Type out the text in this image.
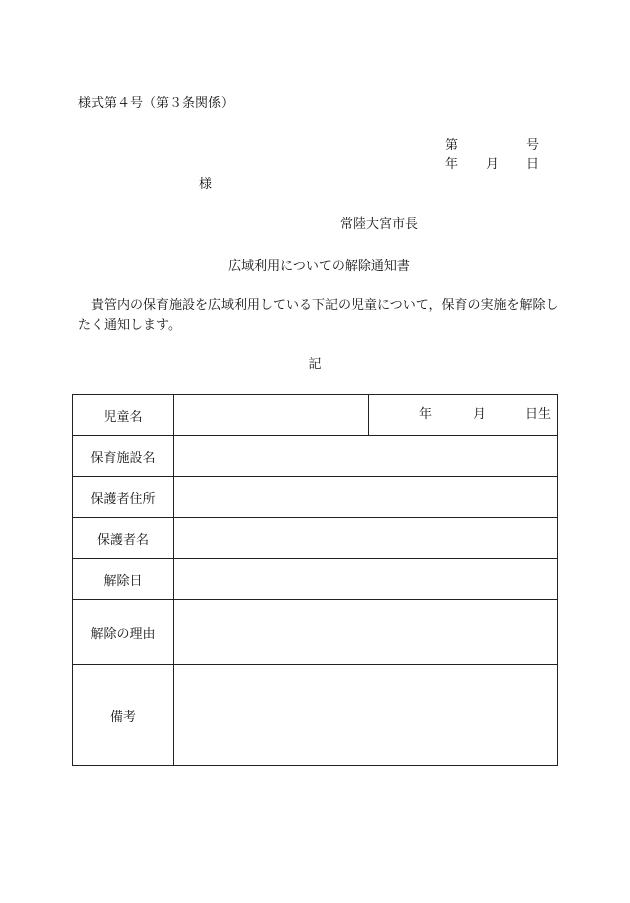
様式第４号（第３条関係）
第	号
年 月 日
様
常陸大宮市長
広域利用についての解除通知書
貴管内の保育施設を広域利用している下記の児童について，保育の実施を解除したく通知します。
記
児童名		年 月 日生

保育施設名		
保護者住所		
保護者名		
解除日		
解除の理由		
備考		
